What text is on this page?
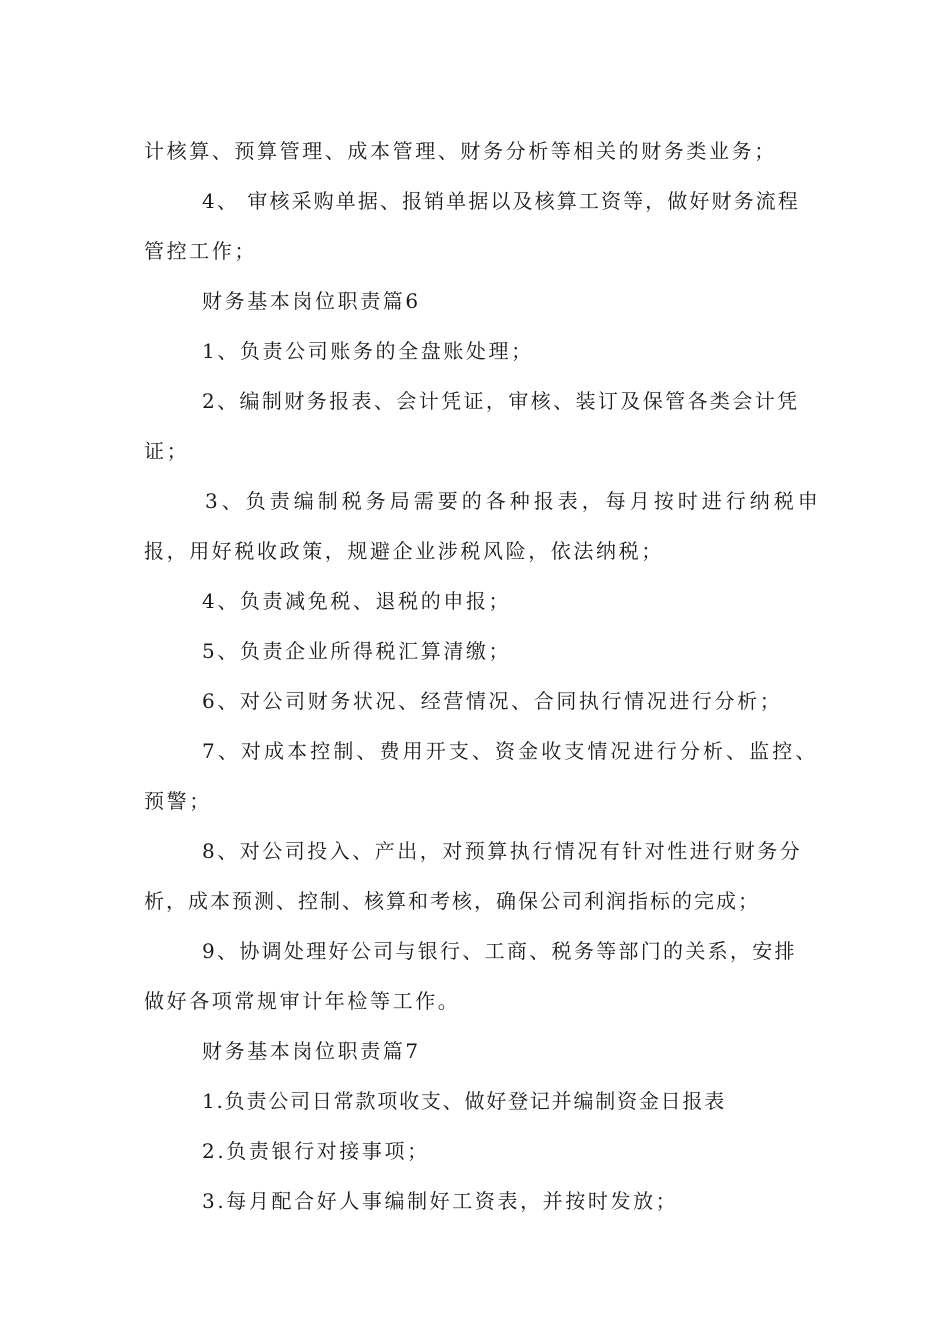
计核算、预算管理、成本管理、财务分析等相关的财务类业务；
4、 审核采购单据、报销单据以及核算工资等，做好财务流程
管控工作；
财务基本岗位职责篇6
1、负责公司账务的全盘账处理；
2、编制财务报表、会计凭证，审核、装订及保管各类会计凭
证；
3、负责编制税务局需要的各种报表，每月按时进行纳税申
报，用好税收政策，规避企业涉税风险，依法纳税；
4、负责减免税、退税的申报；
5、负责企业所得税汇算清缴；
6、对公司财务状况、经营情况、合同执行情况进行分析；
7、对成本控制、费用开支、资金收支情况进行分析、监控、
预警；
8、对公司投入、产出，对预算执行情况有针对性进行财务分
析，成本预测、控制、核算和考核，确保公司利润指标的完成；
9、协调处理好公司与银行、工商、税务等部门的关系，安排
做好各项常规审计年检等工作。
财务基本岗位职责篇7
1.负责公司日常款项收支、做好登记并编制资金日报表
2.负责银行对接事项；
3.每月配合好人事编制好工资表，并按时发放；
